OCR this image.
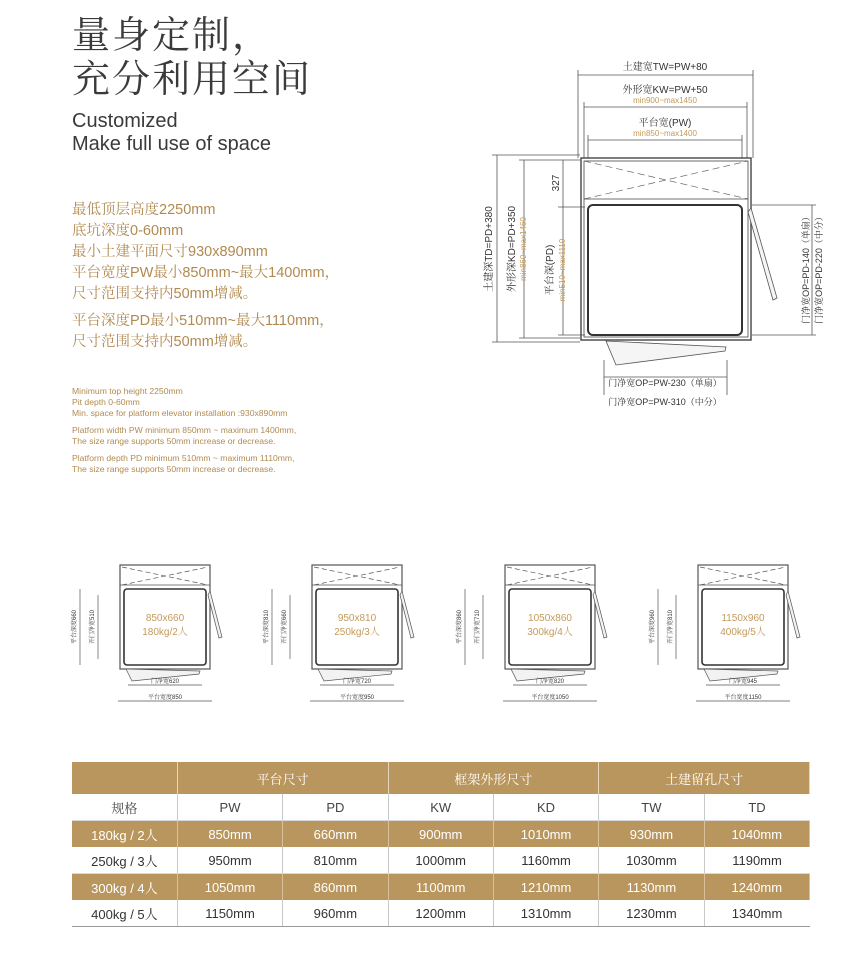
量身定制，
充分利用空间
Customized
Make full use of space
最低顶层高度2250mm
底坑深度0-60mm
最小土建平面尺寸930x890mm
平台宽度PW最小850mm~最大1400mm，
尺寸范围支持内50mm增减。
平台深度PD最小510mm~最大1110mm，
尺寸范围支持内50mm增减。
Minimum top height 2250mm
Pit depth 0-60mm
Min. space for platform elevator installation :930x890mm
Platform width PW minimum 850mm ~ maximum 1400mm,
The size range supports 50mm increase or decrease.
Platform depth PD minimum 510mm ~ maximum 1110mm,
The size range supports 50mm increase or decrease.
土建宽TW=PW+80
外形宽KW=PW+50
min900~max1450
平台宽(PW)
min850~max1400
土建深TD=PD+380 外形深KD=PD+350 min860~max1460 平台深(PD) min510~max1110
327
门净宽OP=PD-140（单扇） 门净宽OP=PD-220（中分）
门净宽OP=PW-230（单扇）
门净宽OP=PW-310（中分）
850x660
180kg/2人
平台深度660	开门净宽510
门净宽620
平台宽度850
950x810
250kg/3人
平台深度810	开门净宽660
门净宽720
平台宽度950
1050x860
300kg/4人
平台深度860	开门净宽710
门净宽820
平台宽度1050
1150x960
400kg/5人
平台深度960	开门净宽810
门净宽945
平台宽度1150
	平台尺寸		框架外形尺寸		土建留孔尺寸	
规格	PW	PD	KW	KD	TW	TD
180kg / 2人	850mm	660mm	900mm	1010mm	930mm	1040mm
250kg / 3人	950mm	810mm	1000mm	1160mm	1030mm	1190mm
300kg / 4人	1050mm	860mm	1100mm	1210mm	1130mm	1240mm
400kg / 5人	1150mm	960mm	1200mm	1310mm	1230mm	1340mm
